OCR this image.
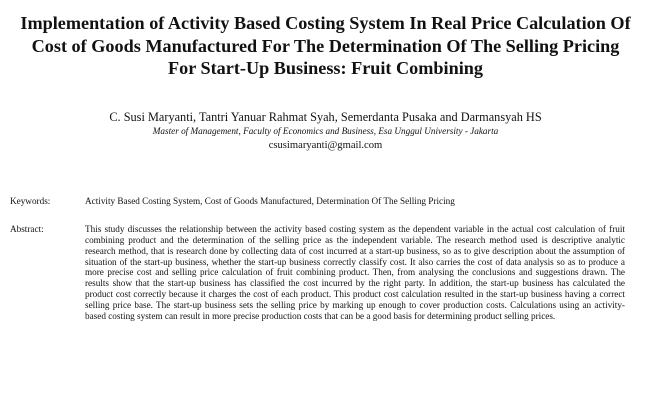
Implementation of Activity Based Costing System In Real Price Calculation Of Cost of Goods Manufactured For The Determination Of The Selling Pricing For Start-Up Business: Fruit Combining

C. Susi Maryanti, Tantri Yanuar Rahmat Syah, Semerdanta Pusaka and Darmansyah HS

Master of Management, Faculty of Economics and Business, Esa Unggul University - Jakarta

csusimaryanti@gmail.com

Keywords:	Activity Based Costing System, Cost of Goods Manufactured, Determination Of The Selling Pricing

Abstract:	This study discusses the relationship between the activity based costing system as the dependent variable in the actual cost calculation of fruit combining product and the determination of the selling price as the independent variable. The research method used is descriptive analytic research method, that is research done by collecting data of cost incurred at a start-up business, so as to give description about the assumption of situation of the start-up business, whether the start-up business correctly classify cost. It also carries the cost of data analysis so as to produce a more precise cost and selling price calculation of fruit combining product. Then, from analysing the conclusions and suggestions drawn. The results show that the start-up business has classified the cost incurred by the right party. In addition, the start-up business has calculated the product cost correctly because it charges the cost of each product. This product cost calculation resulted in the start-up business having a correct selling price base. The start-up business sets the selling price by marking up enough to cover production costs. Calculations using an activity-based costing system can result in more precise production costs that can be a good basis for determining product selling prices.
